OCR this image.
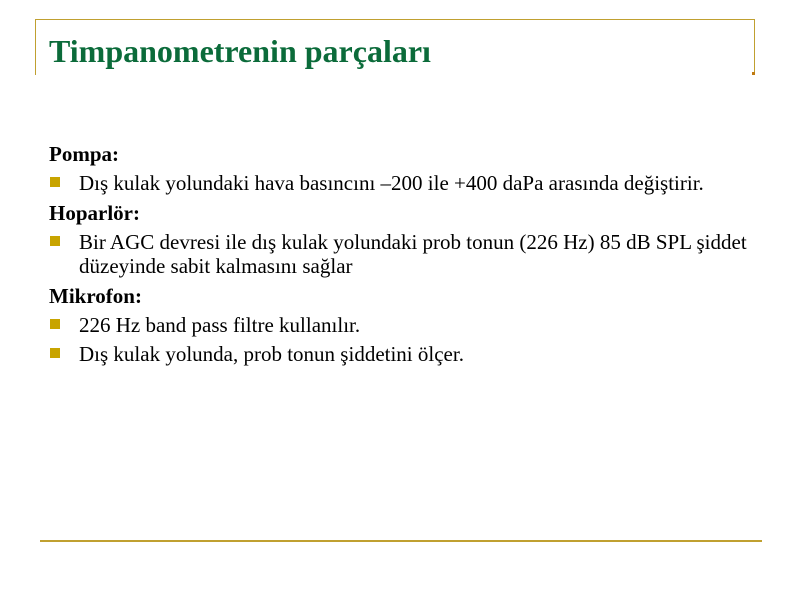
Timpanometrenin parçaları

Pompa:

Dış kulak yolundaki hava basıncını –200 ile +400 daPa arasında değiştirir.

Hoparlör:

Bir AGC devresi ile dış kulak yolundaki prob tonun (226 Hz) 85 dB SPL şiddet düzeyinde sabit kalmasını sağlar

Mikrofon:

226 Hz band pass filtre kullanılır.
Dış kulak yolunda, prob tonun şiddetini ölçer.
